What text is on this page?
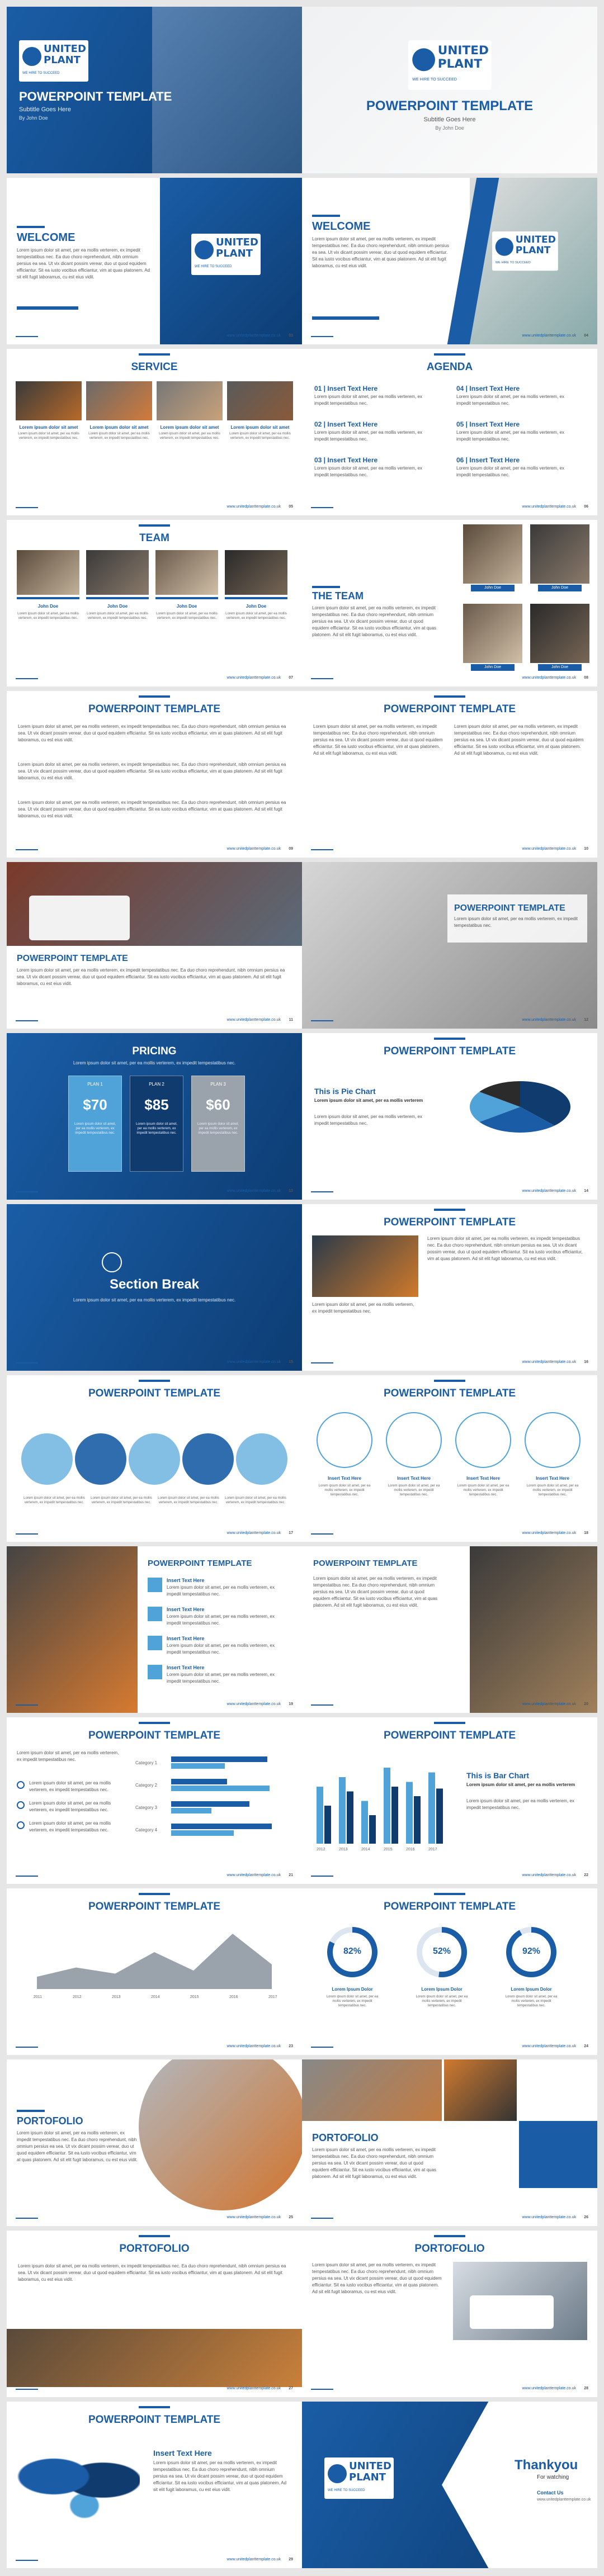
UNITED
PLANT
WE HIRE TO SUCCEED
POWERPOINT TEMPLATE
Subtitle Goes Here
By John Doe
UNITED
PLANT
WE HIRE TO SUCCEED
POWERPOINT TEMPLATE
Subtitle Goes Here
By John Doe
UNITED
PLANT
WE HIRE TO SUCCEED
WELCOME
Lorem ipsum dolor sit amet, per ea mollis verterem, ex impedit tempestatibus nec. Ea duo choro reprehendunt, nibh omnium persius ea sea. Ut vix dicant possim verear, duo ut quod equidem efficiantur. Sit ea iusto vocibus efficiantur, vim at quas platonem. Ad sit elit fugit laboramus, cu est eius vidit.
www.unitedplanttemplate.co.uk 03
UNITED
PLANT
WE HIRE TO SUCCEED
WELCOME
Lorem ipsum dolor sit amet, per ea mollis verterem, ex impedit tempestatibus nec. Ea duo choro reprehendunt, nibh omnium persius ea sea. Ut vix dicant possim verear, duo ut quod equidem efficiantur. Sit ea iusto vocibus efficiantur, vim at quas platonem. Ad sit elit fugit laboramus, cu est eius vidit.
www.unitedplanttemplate.co.uk 04
SERVICE
Lorem ipsum dolor sit amet
Lorem ipsum dolor sit amet, per ea mollis verterem, ex impedit tempestatibus nec.
Lorem ipsum dolor sit amet
Lorem ipsum dolor sit amet, per ea mollis verterem, ex impedit tempestatibus nec.
Lorem ipsum dolor sit amet
Lorem ipsum dolor sit amet, per ea mollis verterem, ex impedit tempestatibus nec.
Lorem ipsum dolor sit amet
Lorem ipsum dolor sit amet, per ea mollis verterem, ex impedit tempestatibus nec.
www.unitedplanttemplate.co.uk 05
AGENDA
01 | Insert Text Here
Lorem ipsum dolor sit amet, per ea mollis verterem, ex impedit tempestatibus nec.
02 | Insert Text Here
Lorem ipsum dolor sit amet, per ea mollis verterem, ex impedit tempestatibus nec.
03 | Insert Text Here
Lorem ipsum dolor sit amet, per ea mollis verterem, ex impedit tempestatibus nec.
04 | Insert Text Here
Lorem ipsum dolor sit amet, per ea mollis verterem, ex impedit tempestatibus nec.
05 | Insert Text Here
Lorem ipsum dolor sit amet, per ea mollis verterem, ex impedit tempestatibus nec.
06 | Insert Text Here
Lorem ipsum dolor sit amet, per ea mollis verterem, ex impedit tempestatibus nec.
www.unitedplanttemplate.co.uk 06
TEAM
John Doe
Lorem ipsum dolor sit amet, per ea mollis verterem, ex impedit tempestatibus nec.
John Doe
Lorem ipsum dolor sit amet, per ea mollis verterem, ex impedit tempestatibus nec.
John Doe
Lorem ipsum dolor sit amet, per ea mollis verterem, ex impedit tempestatibus nec.
John Doe
Lorem ipsum dolor sit amet, per ea mollis verterem, ex impedit tempestatibus nec.
www.unitedplanttemplate.co.uk 07
THE TEAM
Lorem ipsum dolor sit amet, per ea mollis verterem, ex impedit tempestatibus nec. Ea duo choro reprehendunt, nibh omnium persius ea sea. Ut vix dicant possim verear, duo ut quod equidem efficiantur. Sit ea iusto vocibus efficiantur, vim at quas platonem. Ad sit elit fugit laboramus, cu est eius vidit.
John Doe	John Doe
John Doe	John Doe
www.unitedplanttemplate.co.uk 08
POWERPOINT TEMPLATE
Lorem ipsum dolor sit amet, per ea mollis verterem, ex impedit tempestatibus nec. Ea duo choro reprehendunt, nibh omnium persius ea sea. Ut vix dicant possim verear, duo ut quod equidem efficiantur. Sit ea iusto vocibus efficiantur, vim at quas platonem. Ad sit elit fugit laboramus, cu est eius vidit.
Lorem ipsum dolor sit amet, per ea mollis verterem, ex impedit tempestatibus nec. Ea duo choro reprehendunt, nibh omnium persius ea sea. Ut vix dicant possim verear, duo ut quod equidem efficiantur. Sit ea iusto vocibus efficiantur, vim at quas platonem. Ad sit elit fugit laboramus, cu est eius vidit.
Lorem ipsum dolor sit amet, per ea mollis verterem, ex impedit tempestatibus nec. Ea duo choro reprehendunt, nibh omnium persius ea sea. Ut vix dicant possim verear, duo ut quod equidem efficiantur. Sit ea iusto vocibus efficiantur, vim at quas platonem. Ad sit elit fugit laboramus, cu est eius vidit.
www.unitedplanttemplate.co.uk 09
POWERPOINT TEMPLATE
Lorem ipsum dolor sit amet, per ea mollis verterem, ex impedit tempestatibus nec. Ea duo choro reprehendunt, nibh omnium persius ea sea. Ut vix dicant possim verear, duo ut quod equidem efficiantur. Sit ea iusto vocibus efficiantur, vim at quas platonem. Ad sit elit fugit laboramus, cu est eius vidit.
Lorem ipsum dolor sit amet, per ea mollis verterem, ex impedit tempestatibus nec. Ea duo choro reprehendunt, nibh omnium persius ea sea. Ut vix dicant possim verear, duo ut quod equidem efficiantur. Sit ea iusto vocibus efficiantur, vim at quas platonem. Ad sit elit fugit laboramus, cu est eius vidit.
www.unitedplanttemplate.co.uk 10
POWERPOINT TEMPLATE
Lorem ipsum dolor sit amet, per ea mollis verterem, ex impedit tempestatibus nec. Ea duo choro reprehendunt, nibh omnium persius ea sea. Ut vix dicant possim verear, duo ut quod equidem efficiantur. Sit ea iusto vocibus efficiantur, vim at quas platonem. Ad sit elit fugit laboramus, cu est eius vidit.
www.unitedplanttemplate.co.uk 11
POWERPOINT TEMPLATE
Lorem ipsum dolor sit amet, per ea mollis verterem, ex impedit tempestatibus nec.
www.unitedplanttemplate.co.uk 12
PRICING
Lorem ipsum dolor sit amet, per ea mollis verterem, ex impedit tempestatibus nec.
PLAN 1
$70
Lorem ipsum dolor sit amet, per ea mollis verterem, ex impedit tempestatibus nec.
PLAN 2
$85
Lorem ipsum dolor sit amet, per ea mollis verterem, ex impedit tempestatibus nec.
PLAN 3
$60
Lorem ipsum dolor sit amet, per ea mollis verterem, ex impedit tempestatibus nec.
www.unitedplanttemplate.co.uk 13
POWERPOINT TEMPLATE
This is Pie Chart
Lorem ipsum dolor sit amet, per ea mollis verterem
Lorem ipsum dolor sit amet, per ea mollis verterem, ex impedit tempestatibus nec.
www.unitedplanttemplate.co.uk 14
Section Break
Lorem ipsum dolor sit amet, per ea mollis verterem, ex impedit tempestatibus nec.
www.unitedplanttemplate.co.uk 15
POWERPOINT TEMPLATE
Lorem ipsum dolor sit amet, per ea mollis verterem, ex impedit tempestatibus nec.
Lorem ipsum dolor sit amet, per ea mollis verterem, ex impedit tempestatibus nec. Ea duo choro reprehendunt, nibh omnium persius ea sea. Ut vix dicant possim verear, duo ut quod equidem efficiantur. Sit ea iusto vocibus efficiantur, vim at quas platonem. Ad sit elit fugit laboramus, cu est eius vidit.
www.unitedplanttemplate.co.uk 16
POWERPOINT TEMPLATE
Lorem ipsum dolor sit amet, per ea mollis verterem, ex impedit tempestatibus nec.
Lorem ipsum dolor sit amet, per ea mollis verterem, ex impedit tempestatibus nec.
Lorem ipsum dolor sit amet, per ea mollis verterem, ex impedit tempestatibus nec.
Lorem ipsum dolor sit amet, per ea mollis verterem, ex impedit tempestatibus nec.
www.unitedplanttemplate.co.uk 17
POWERPOINT TEMPLATE
Insert Text Here
Lorem ipsum dolor sit amet, per ea mollis verterem, ex impedit tempestatibus nec.
Insert Text Here
Lorem ipsum dolor sit amet, per ea mollis verterem, ex impedit tempestatibus nec.
Insert Text Here
Lorem ipsum dolor sit amet, per ea mollis verterem, ex impedit tempestatibus nec.
Insert Text Here
Lorem ipsum dolor sit amet, per ea mollis verterem, ex impedit tempestatibus nec.
www.unitedplanttemplate.co.uk 18
POWERPOINT TEMPLATE
Insert Text Here
Lorem ipsum dolor sit amet, per ea mollis verterem, ex impedit tempestatibus nec.
Insert Text Here
Lorem ipsum dolor sit amet, per ea mollis verterem, ex impedit tempestatibus nec.
Insert Text Here
Lorem ipsum dolor sit amet, per ea mollis verterem, ex impedit tempestatibus nec.
Insert Text Here
Lorem ipsum dolor sit amet, per ea mollis verterem, ex impedit tempestatibus nec.
www.unitedplanttemplate.co.uk 19
POWERPOINT TEMPLATE
Lorem ipsum dolor sit amet, per ea mollis verterem, ex impedit tempestatibus nec. Ea duo choro reprehendunt, nibh omnium persius ea sea. Ut vix dicant possim verear, duo ut quod equidem efficiantur. Sit ea iusto vocibus efficiantur, vim at quas platonem. Ad sit elit fugit laboramus, cu est eius vidit.
www.unitedplanttemplate.co.uk 20
POWERPOINT TEMPLATE
Lorem ipsum dolor sit amet, per ea mollis verterem, ex impedit tempestatibus nec.
Lorem ipsum dolor sit amet, per ea mollis verterem, ex impedit tempestatibus nec.
Lorem ipsum dolor sit amet, per ea mollis verterem, ex impedit tempestatibus nec.
Lorem ipsum dolor sit amet, per ea mollis verterem, ex impedit tempestatibus nec.
Category 1
Category 2
Category 3
Category 4
www.unitedplanttemplate.co.uk 21
POWERPOINT TEMPLATE
2012	2013	2014	2015	2016	2017
This is Bar Chart
Lorem ipsum dolor sit amet, per ea mollis verterem
Lorem ipsum dolor sit amet, per ea mollis verterem, ex impedit tempestatibus nec.
www.unitedplanttemplate.co.uk 22
POWERPOINT TEMPLATE
2011	2012	2013	2014	2015	2016	2017
www.unitedplanttemplate.co.uk 23
POWERPOINT TEMPLATE
82%
Lorem Ipsum Dolor
Lorem ipsum dolor sit amet, per ea mollis verterem, ex impedit tempestatibus nec.
52%
Lorem Ipsum Dolor
Lorem ipsum dolor sit amet, per ea mollis verterem, ex impedit tempestatibus nec.
92%
Lorem Ipsum Dolor
Lorem ipsum dolor sit amet, per ea mollis verterem, ex impedit tempestatibus nec.
www.unitedplanttemplate.co.uk 24
PORTOFOLIO
Lorem ipsum dolor sit amet, per ea mollis verterem, ex impedit tempestatibus nec. Ea duo choro reprehendunt, nibh omnium persius ea sea. Ut vix dicant possim verear, duo ut quod equidem efficiantur. Sit ea iusto vocibus efficiantur, vim at quas platonem. Ad sit elit fugit laboramus, cu est eius vidit.
www.unitedplanttemplate.co.uk 25
PORTOFOLIO
Lorem ipsum dolor sit amet, per ea mollis verterem, ex impedit tempestatibus nec. Ea duo choro reprehendunt, nibh omnium persius ea sea. Ut vix dicant possim verear, duo ut quod equidem efficiantur. Sit ea iusto vocibus efficiantur, vim at quas platonem. Ad sit elit fugit laboramus, cu est eius vidit.
www.unitedplanttemplate.co.uk 26
PORTOFOLIO
Lorem ipsum dolor sit amet, per ea mollis verterem, ex impedit tempestatibus nec. Ea duo choro reprehendunt, nibh omnium persius ea sea. Ut vix dicant possim verear, duo ut quod equidem efficiantur. Sit ea iusto vocibus efficiantur, vim at quas platonem. Ad sit elit fugit laboramus, cu est eius vidit.
www.unitedplanttemplate.co.uk 27
PORTOFOLIO
Lorem ipsum dolor sit amet, per ea mollis verterem, ex impedit tempestatibus nec. Ea duo choro reprehendunt, nibh omnium persius ea sea. Ut vix dicant possim verear, duo ut quod equidem efficiantur. Sit ea iusto vocibus efficiantur, vim at quas platonem. Ad sit elit fugit laboramus, cu est eius vidit.
www.unitedplanttemplate.co.uk 28
POWERPOINT TEMPLATE
Insert Text Here
Lorem ipsum dolor sit amet, per ea mollis verterem, ex impedit tempestatibus nec. Ea duo choro reprehendunt, nibh omnium persius ea sea. Ut vix dicant possim verear, duo ut quod equidem efficiantur. Sit ea iusto vocibus efficiantur, vim at quas platonem. Ad sit elit fugit laboramus, cu est eius vidit.
www.unitedplanttemplate.co.uk 29
UNITED
PLANT
WE HIRE TO SUCCEED
Thankyou
For watching
Contact Us
www.unitedplanttemplate.co.uk
